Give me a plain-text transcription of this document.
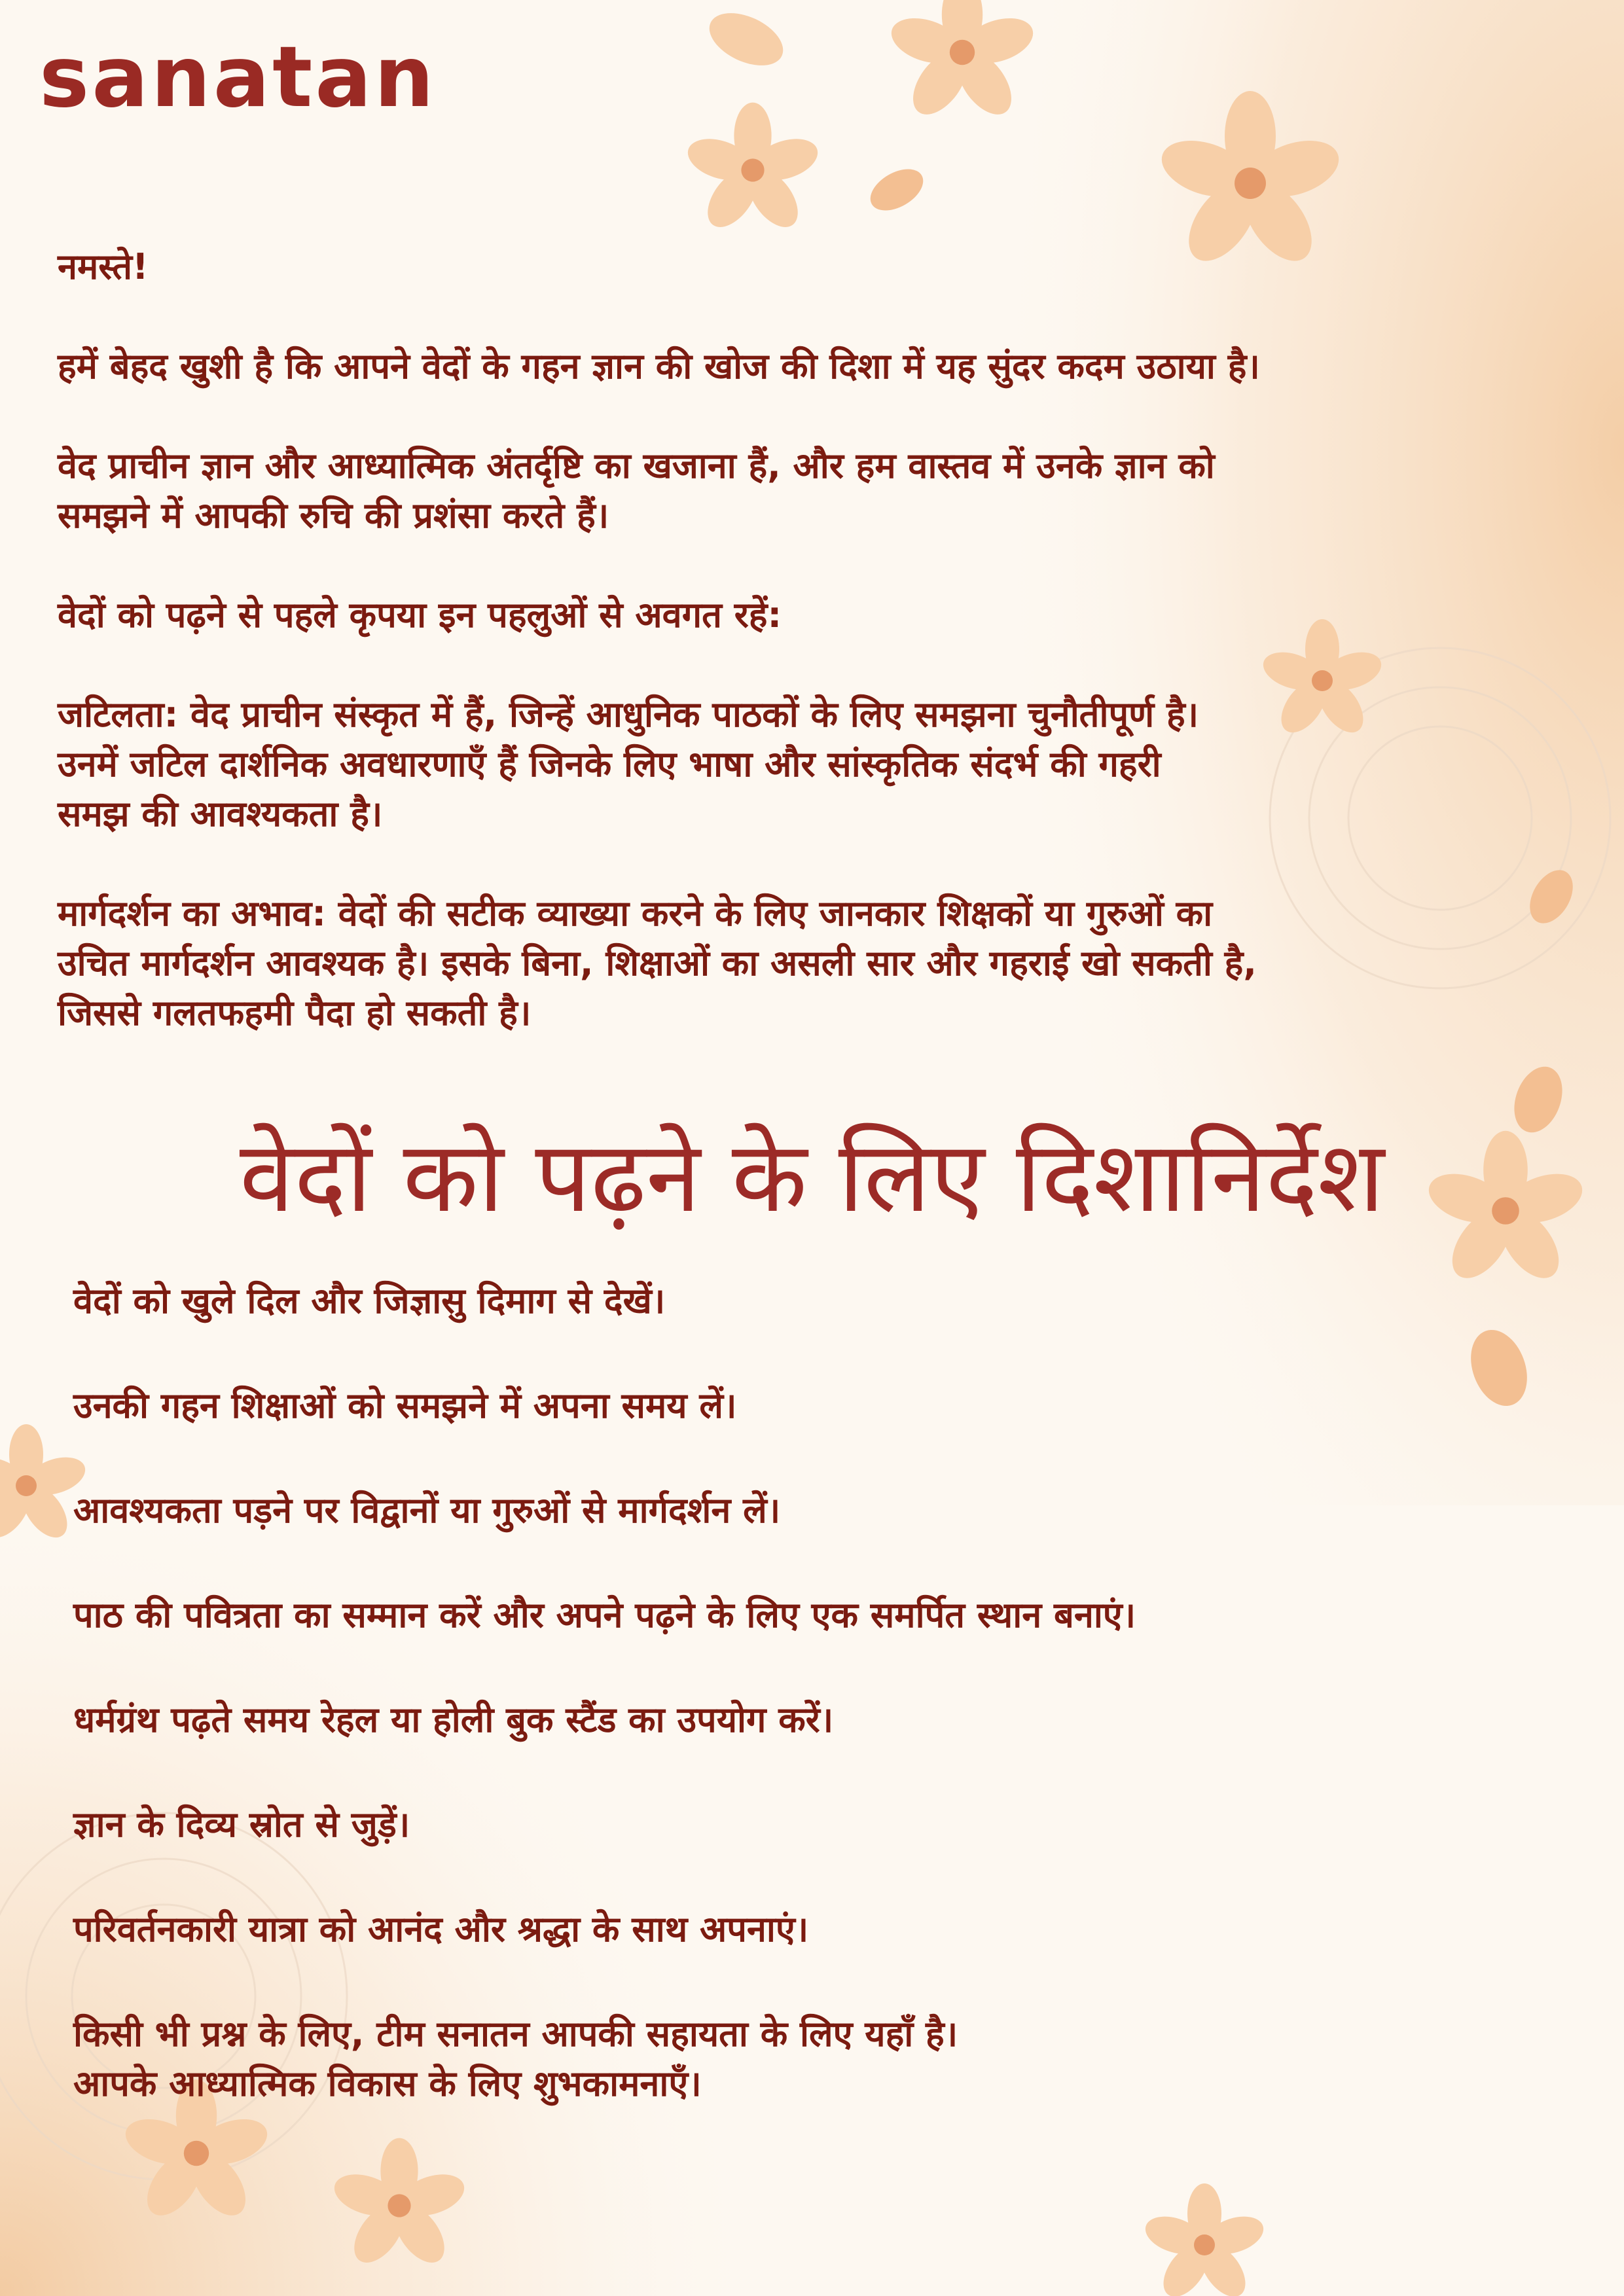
sanatan

नमस्ते!

हमें बेहद खुशी है कि आपने वेदों के गहन ज्ञान की खोज की दिशा में यह सुंदर कदम उठाया है।

वेद प्राचीन ज्ञान और आध्यात्मिक अंतर्दृष्टि का खजाना हैं, और हम वास्तव में उनके ज्ञान को
समझने में आपकी रुचि की प्रशंसा करते हैं।

वेदों को पढ़ने से पहले कृपया इन पहलुओं से अवगत रहें:

जटिलता: वेद प्राचीन संस्कृत में हैं, जिन्हें आधुनिक पाठकों के लिए समझना चुनौतीपूर्ण है।
उनमें जटिल दार्शनिक अवधारणाएँ हैं जिनके लिए भाषा और सांस्कृतिक संदर्भ की गहरी
समझ की आवश्यकता है।

मार्गदर्शन का अभाव: वेदों की सटीक व्याख्या करने के लिए जानकार शिक्षकों या गुरुओं का
उचित मार्गदर्शन आवश्यक है। इसके बिना, शिक्षाओं का असली सार और गहराई खो सकती है,
जिससे गलतफहमी पैदा हो सकती है।

वेदों को पढ़ने के लिए दिशानिर्देश
वेदों को खुले दिल और जिज्ञासु दिमाग से देखें।
उनकी गहन शिक्षाओं को समझने में अपना समय लें।
आवश्यकता पड़ने पर विद्वानों या गुरुओं से मार्गदर्शन लें।
पाठ की पवित्रता का सम्मान करें और अपने पढ़ने के लिए एक समर्पित स्थान बनाएं।
धर्मग्रंथ पढ़ते समय रेहल या होली बुक स्टैंड का उपयोग करें।
ज्ञान के दिव्य स्रोत से जुड़ें।
परिवर्तनकारी यात्रा को आनंद और श्रद्धा के साथ अपनाएं।
किसी भी प्रश्न के लिए, टीम सनातन आपकी सहायता के लिए यहाँ है।
आपके आध्यात्मिक विकास के लिए शुभकामनाएँ।
